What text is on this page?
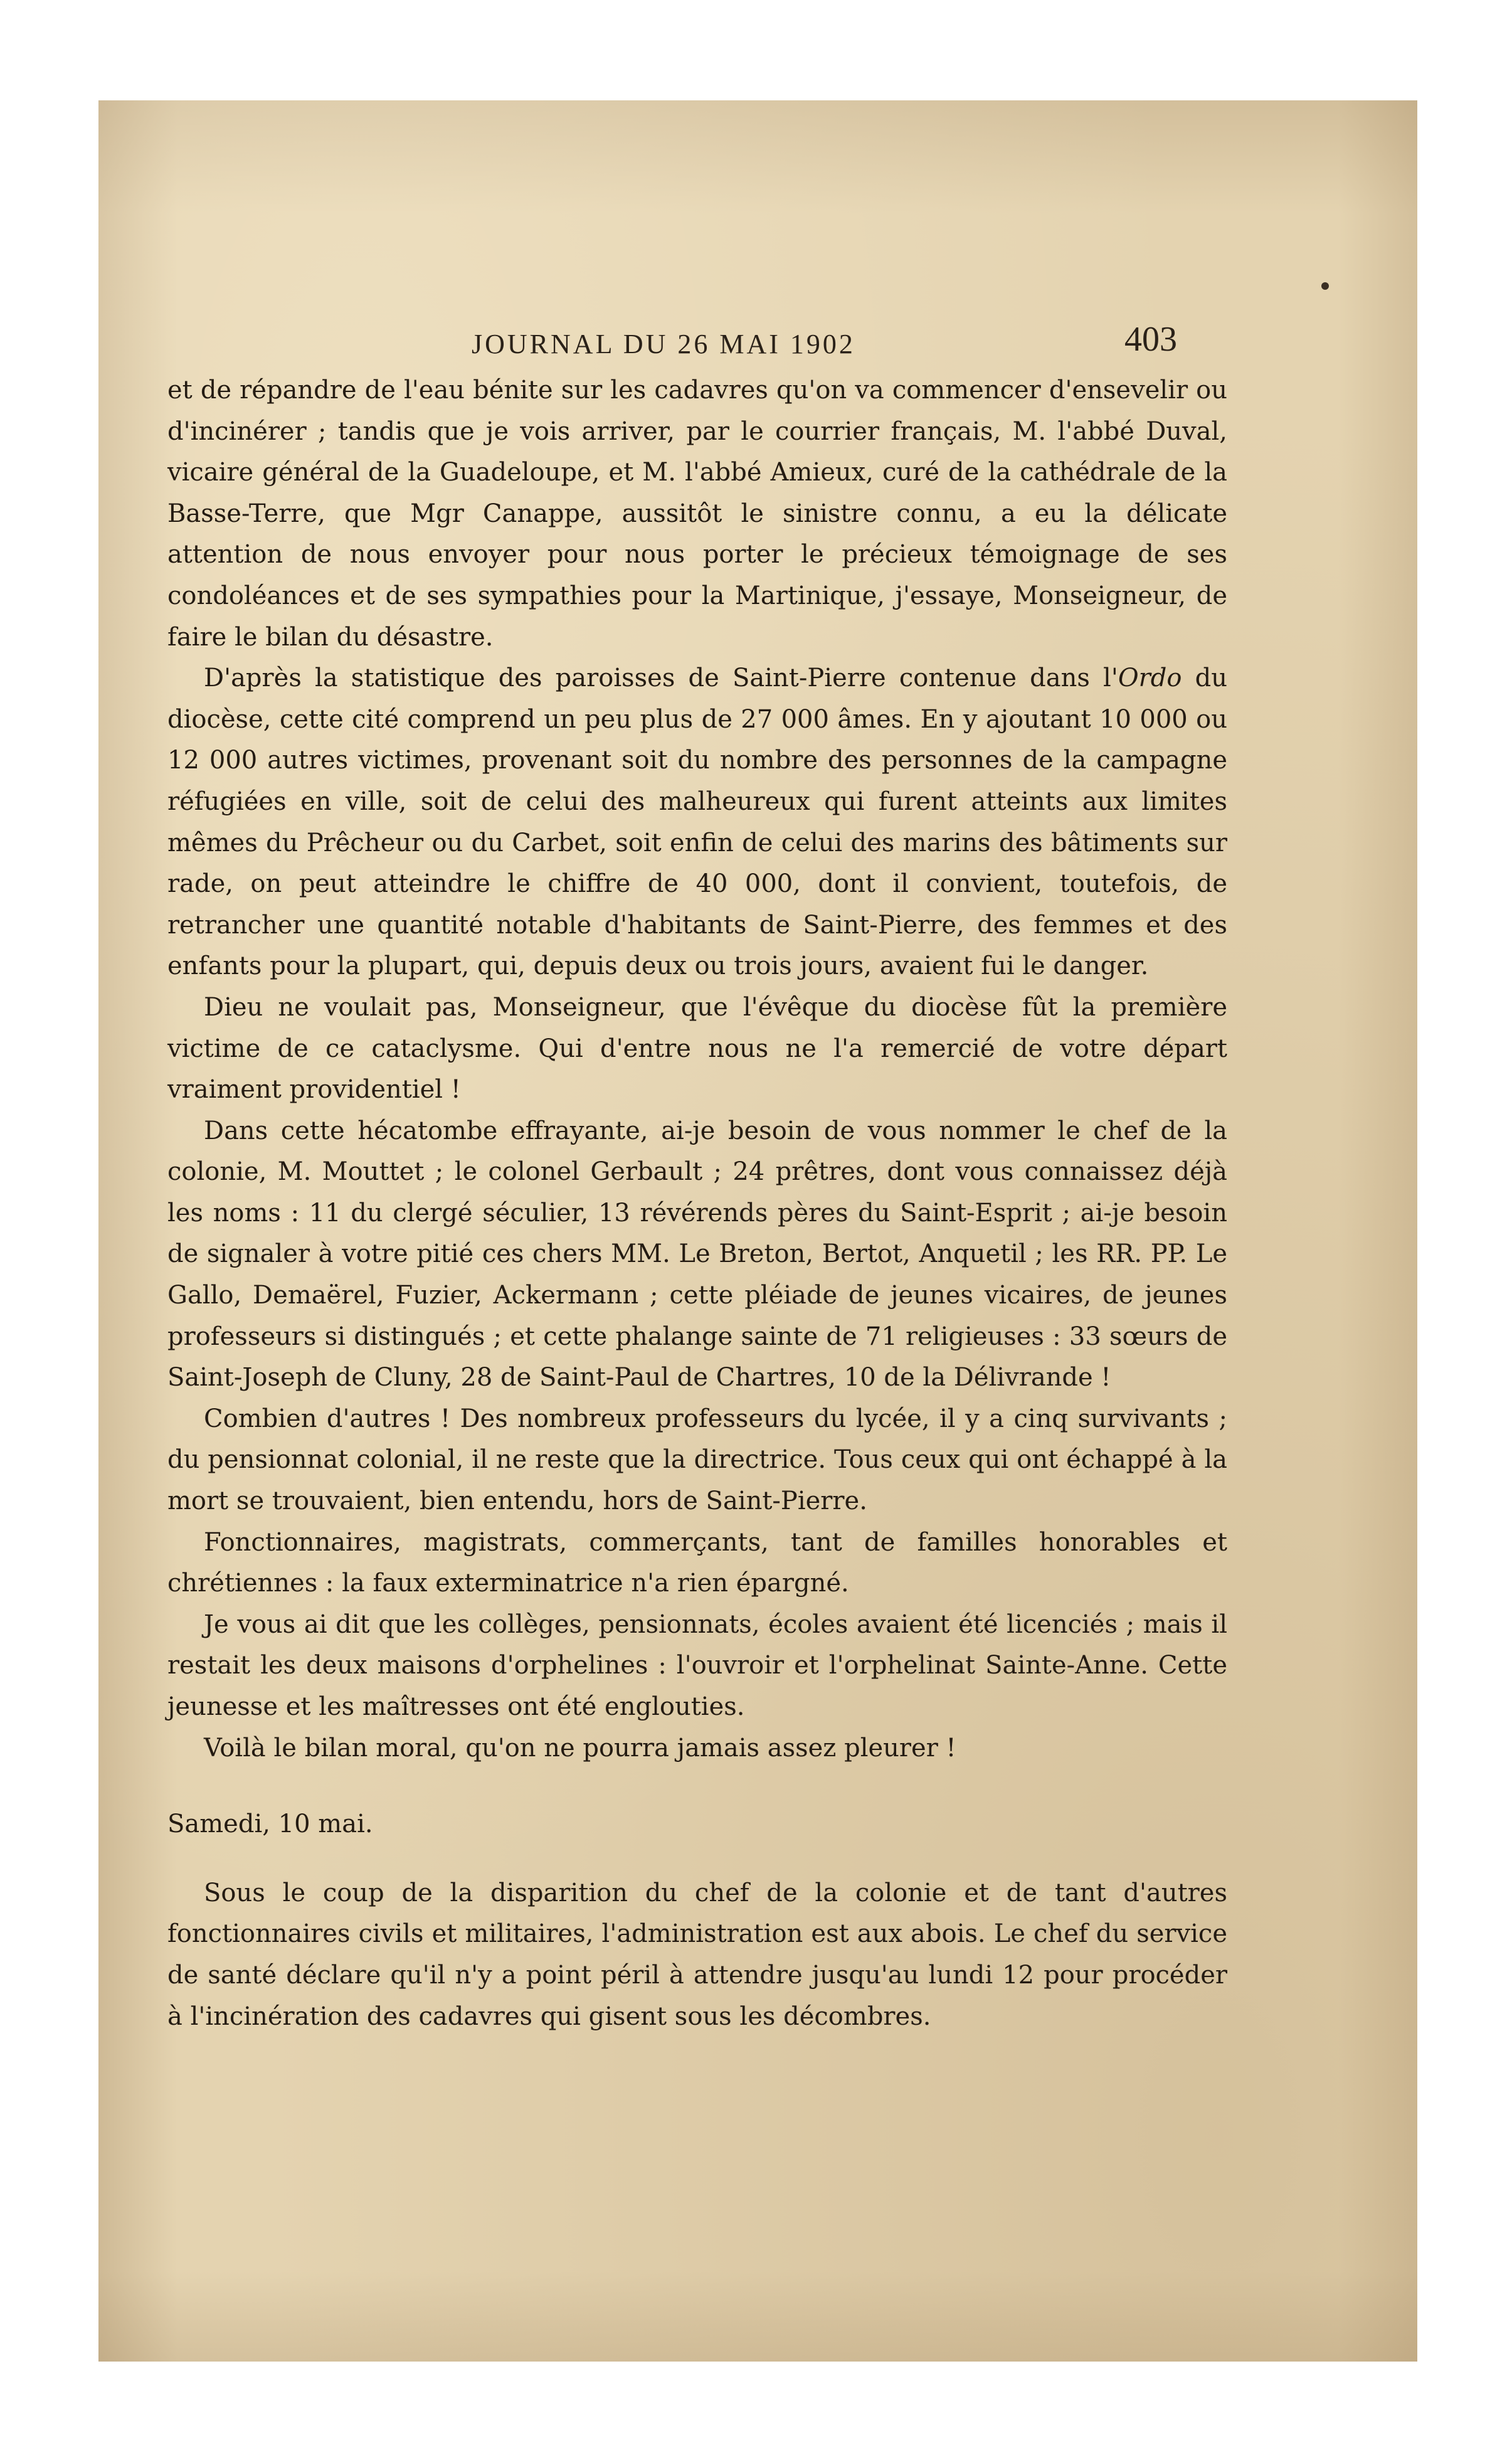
JOURNAL DU 26 MAI 1902	403

et de répandre de l'eau bénite sur les cadavres qu'on va commencer d'ensevelir ou d'incinérer ; tandis que je vois arriver, par le courrier français, M. l'abbé Duval, vicaire général de la Guadeloupe, et M. l'abbé Amieux, curé de la cathédrale de la Basse-Terre, que Mgr Canappe, aussitôt le sinistre connu, a eu la délicate attention de nous envoyer pour nous porter le précieux témoignage de ses condoléances et de ses sympathies pour la Martinique, j'essaye, Monseigneur, de faire le bilan du désastre.

D'après la statistique des paroisses de Saint-Pierre contenue dans l'Ordo du diocèse, cette cité comprend un peu plus de 27 000 âmes. En y ajoutant 10 000 ou 12 000 autres victimes, provenant soit du nombre des personnes de la campagne réfugiées en ville, soit de celui des malheureux qui furent atteints aux limites mêmes du Prêcheur ou du Carbet, soit enfin de celui des marins des bâtiments sur rade, on peut atteindre le chiffre de 40 000, dont il convient, toutefois, de retrancher une quantité notable d'habitants de Saint-Pierre, des femmes et des enfants pour la plupart, qui, depuis deux ou trois jours, avaient fui le danger.

Dieu ne voulait pas, Monseigneur, que l'évêque du diocèse fût la première victime de ce cataclysme. Qui d'entre nous ne l'a remercié de votre départ vraiment providentiel !

Dans cette hécatombe effrayante, ai-je besoin de vous nommer le chef de la colonie, M. Mouttet ; le colonel Gerbault ; 24 prêtres, dont vous connaissez déjà les noms : 11 du clergé séculier, 13 révérends pères du Saint-Esprit ; ai-je besoin de signaler à votre pitié ces chers MM. Le Breton, Bertot, Anquetil ; les RR. PP. Le Gallo, Demaërel, Fuzier, Ackermann ; cette pléiade de jeunes vicaires, de jeunes professeurs si distingués ; et cette phalange sainte de 71 religieuses : 33 sœurs de Saint-Joseph de Cluny, 28 de Saint-Paul de Chartres, 10 de la Délivrande !

Combien d'autres ! Des nombreux professeurs du lycée, il y a cinq survivants ; du pensionnat colonial, il ne reste que la directrice. Tous ceux qui ont échappé à la mort se trouvaient, bien entendu, hors de Saint-Pierre.

Fonctionnaires, magistrats, commerçants, tant de familles honorables et chrétiennes : la faux exterminatrice n'a rien épargné.

Je vous ai dit que les collèges, pensionnats, écoles avaient été licenciés ; mais il restait les deux maisons d'orphelines : l'ouvroir et l'orphelinat Sainte-Anne. Cette jeunesse et les maîtresses ont été englouties.

Voilà le bilan moral, qu'on ne pourra jamais assez pleurer !

Samedi, 10 mai.

Sous le coup de la disparition du chef de la colonie et de tant d'autres fonctionnaires civils et militaires, l'administration est aux abois. Le chef du service de santé déclare qu'il n'y a point péril à attendre jusqu'au lundi 12 pour procéder à l'incinération des cadavres qui gisent sous les décombres.
